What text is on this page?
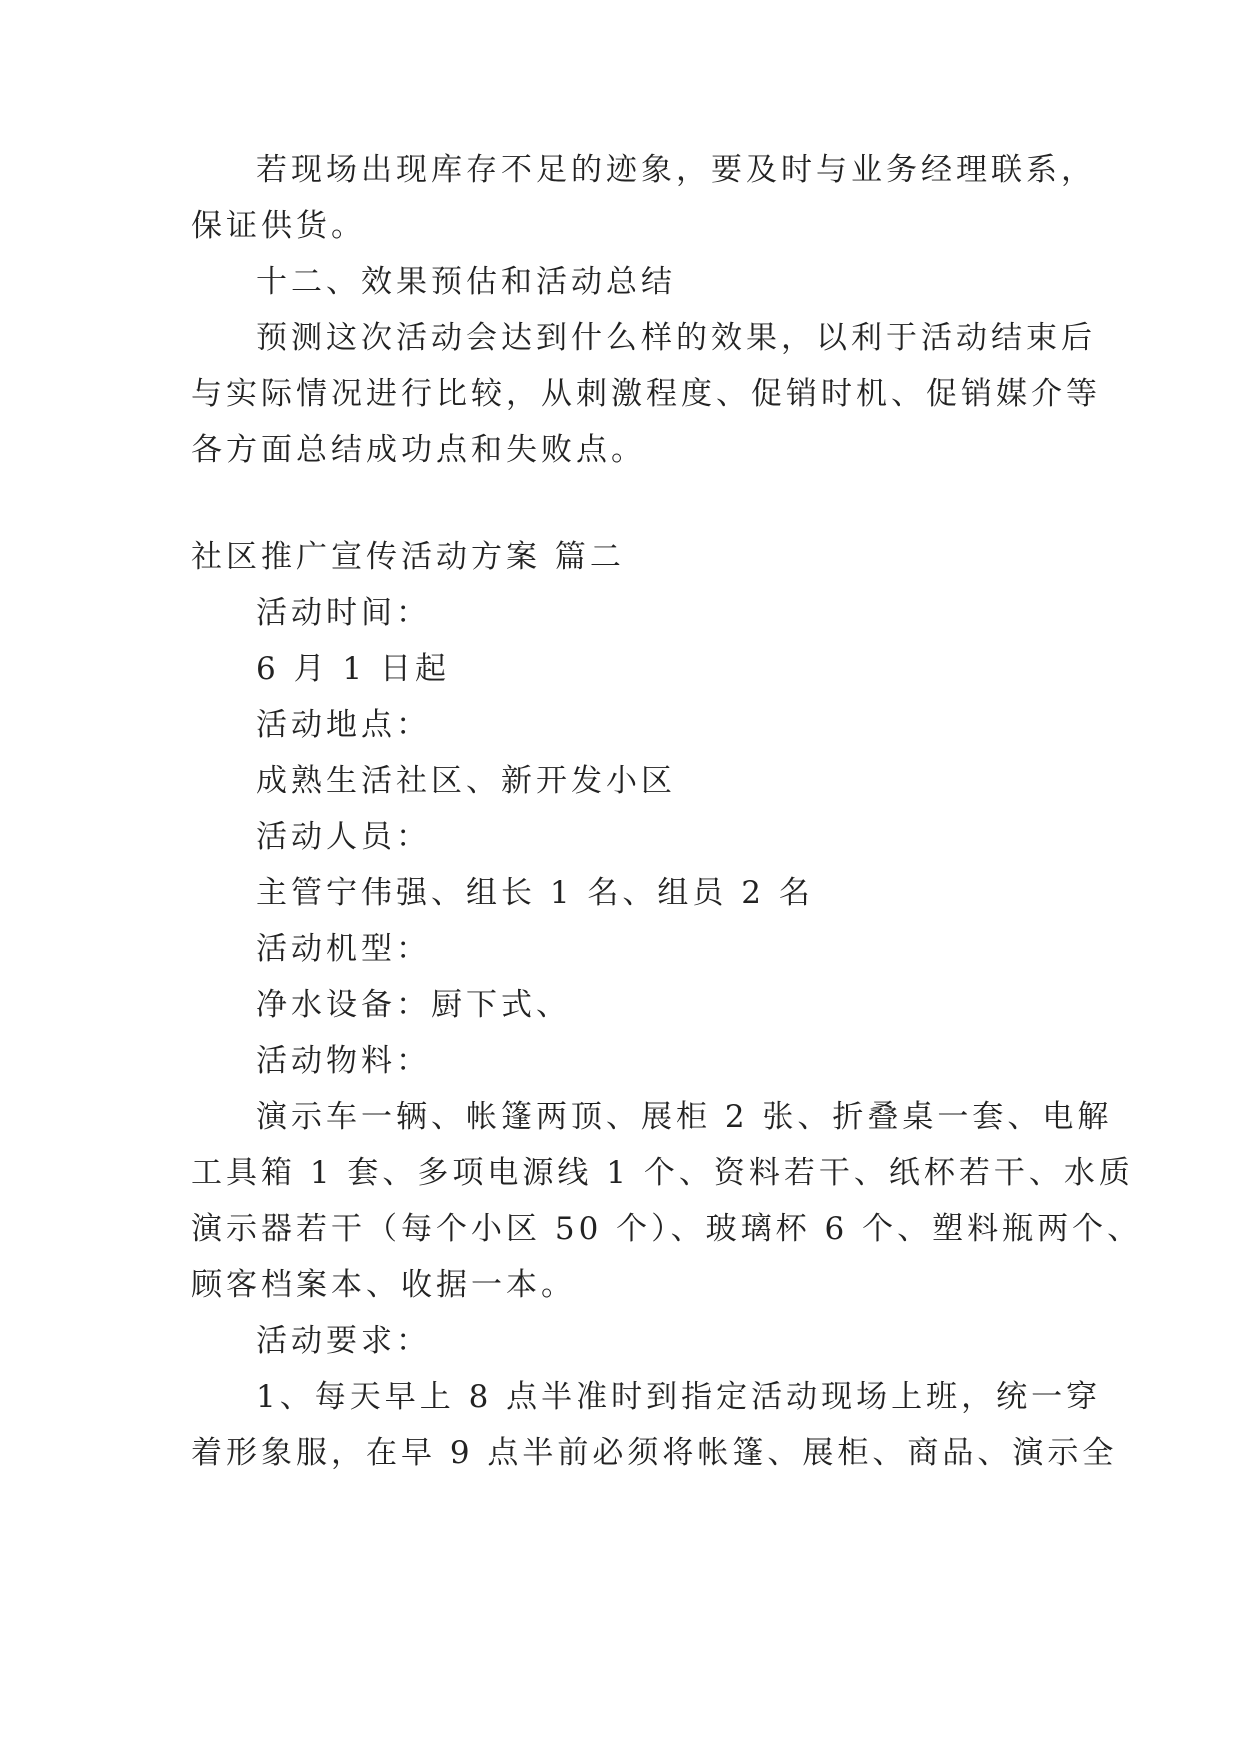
若现场出现库存不足的迹象，要及时与业务经理联系，
保证供货。
十二、效果预估和活动总结
预测这次活动会达到什么样的效果，以利于活动结束后
与实际情况进行比较，从刺激程度、促销时机、促销媒介等
各方面总结成功点和失败点。
社区推广宣传活动方案 篇二
活动时间：
6 月 1 日起
活动地点：
成熟生活社区、新开发小区
活动人员：
主管宁伟强、组长 1 名、组员 2 名
活动机型：
净水设备：厨下式、
活动物料：
演示车一辆、帐篷两顶、展柜 2 张、折叠桌一套、电解
工具箱 1 套、多项电源线 1 个、资料若干、纸杯若干、水质
演示器若干（每个小区 50 个）、玻璃杯 6 个、塑料瓶两个、
顾客档案本、收据一本。
活动要求：
1、每天早上 8 点半准时到指定活动现场上班，统一穿
着形象服，在早 9 点半前必须将帐篷、展柜、商品、演示全
